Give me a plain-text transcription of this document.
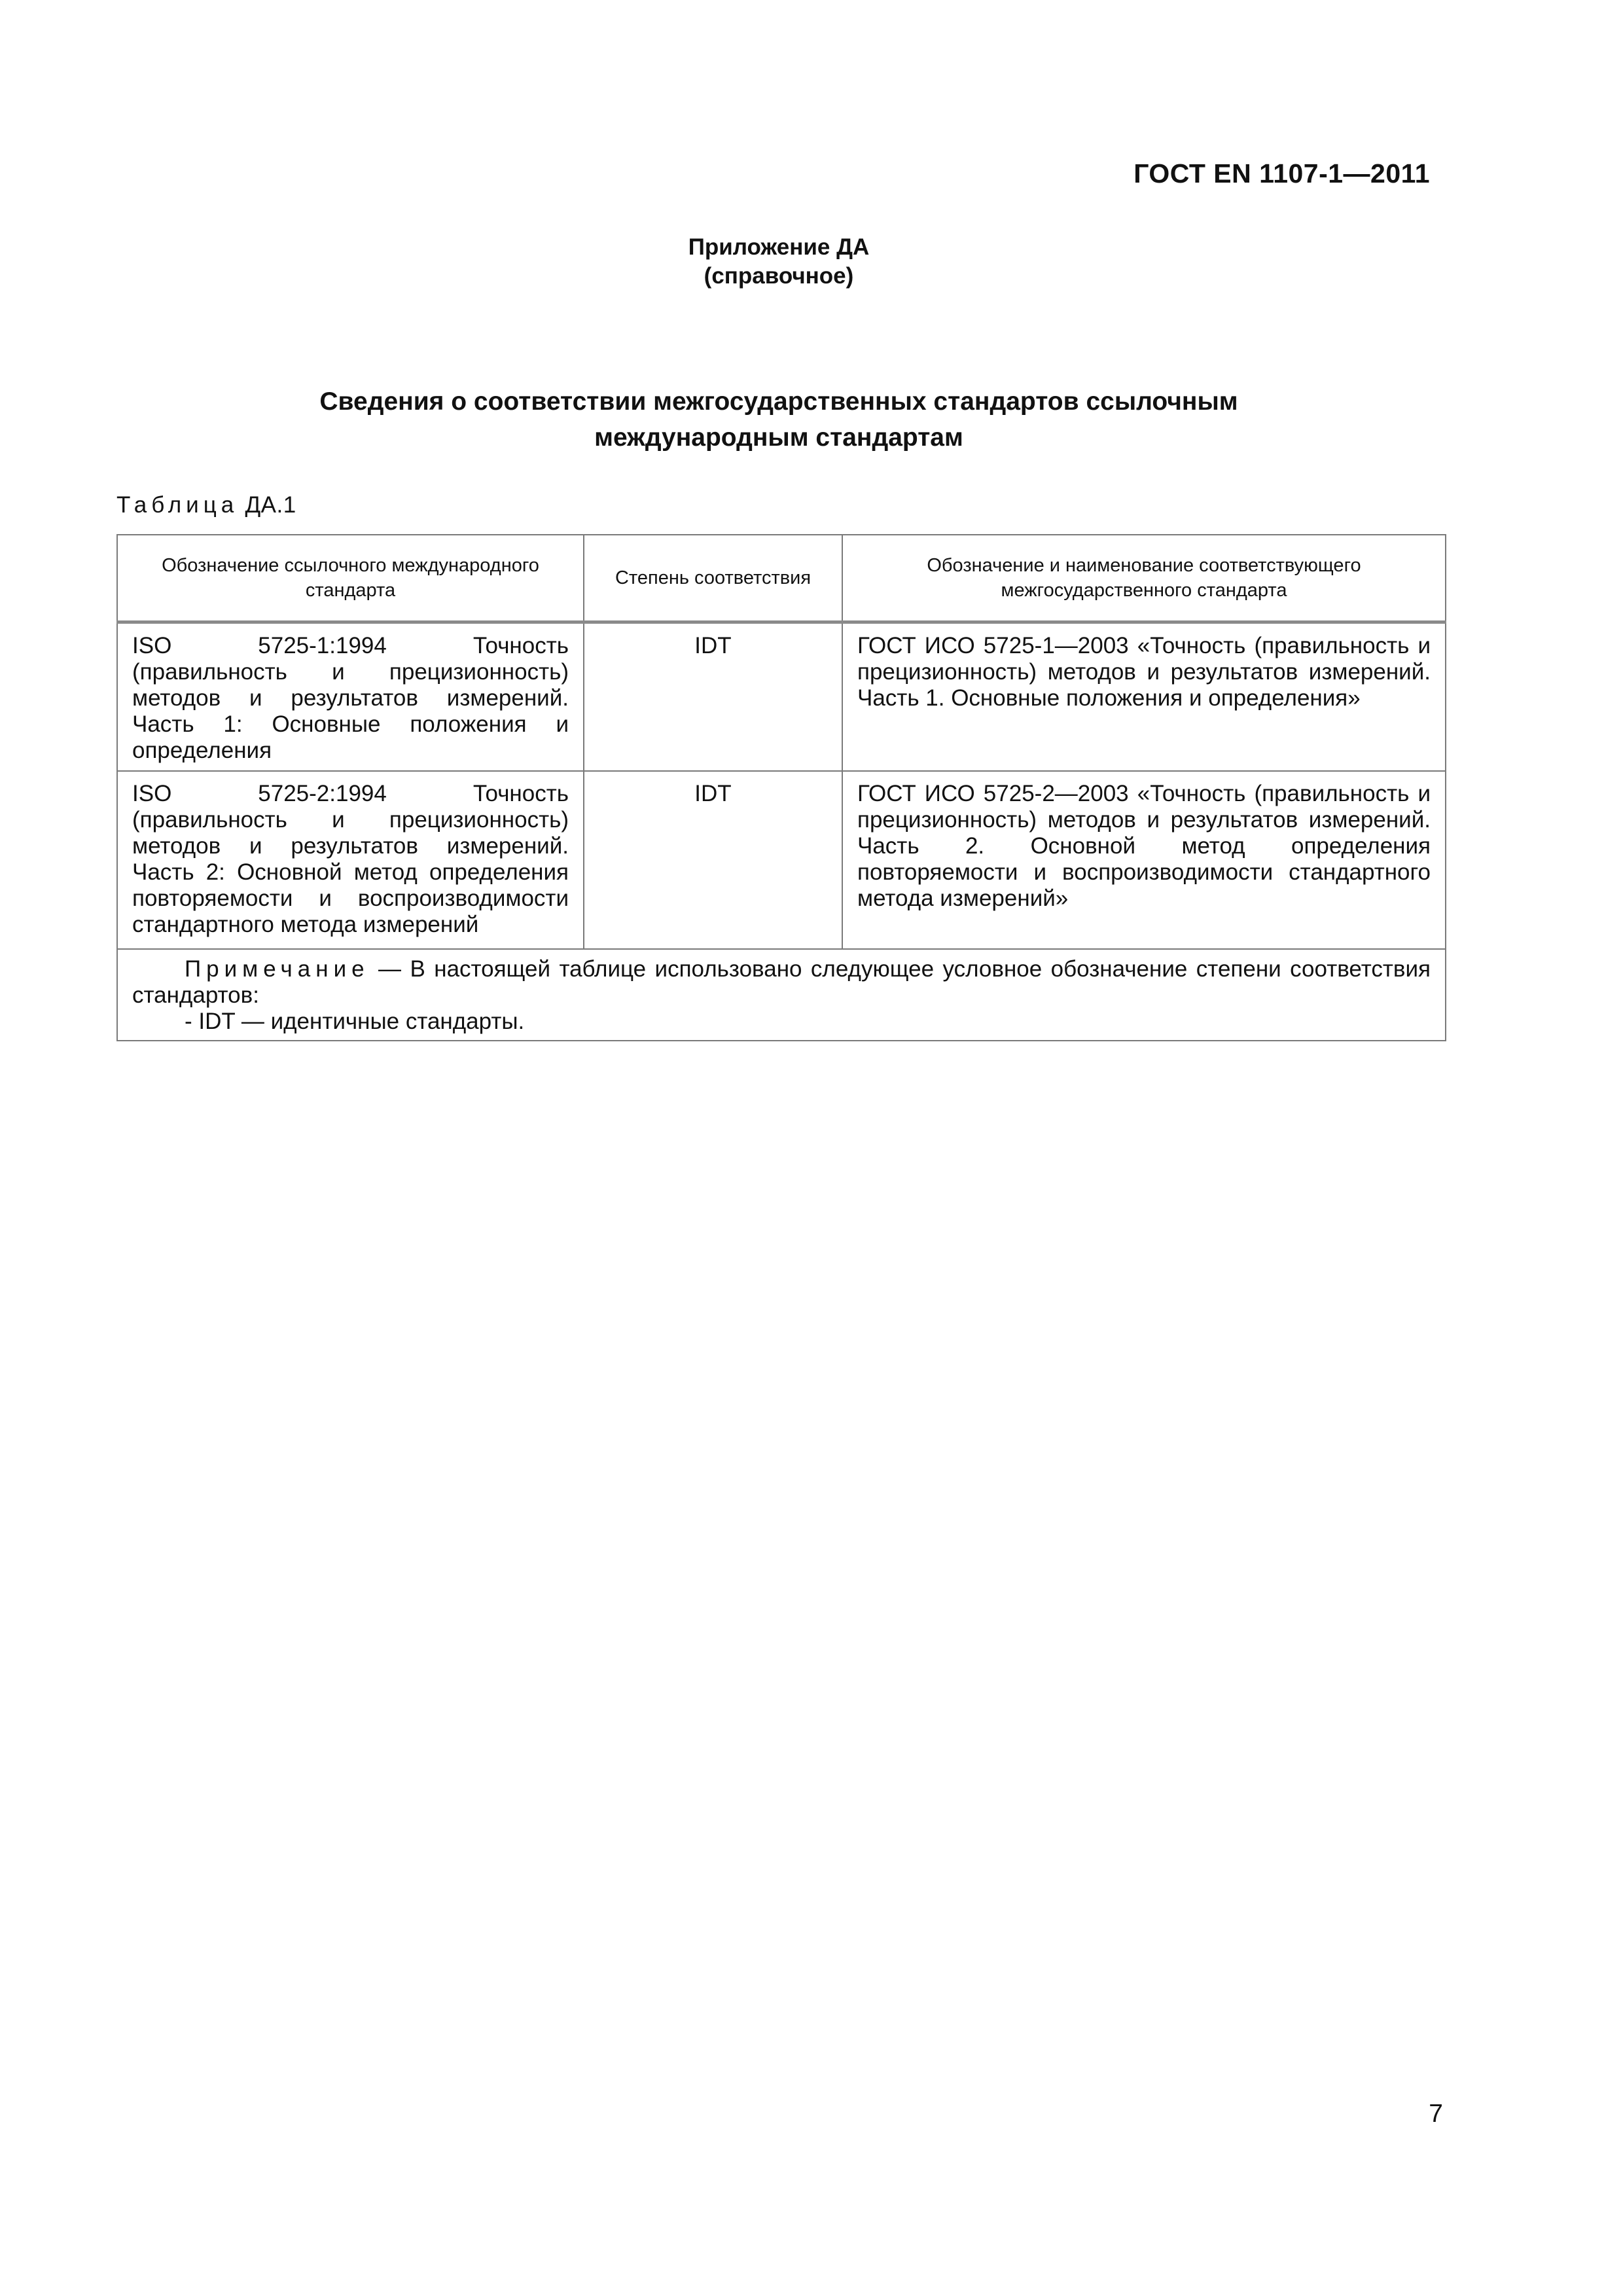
ГОСТ EN 1107-1—2011
Приложение ДА
(справочное)
Сведения о соответствии межгосударственных стандартов ссылочным
международным стандартам
Таблица ДА.1
Обозначение ссылочного международного стандарта	Степень соответствия	Обозначение и наименование соответствующего межгосударственного стандарта
ISO 5725-1:1994 Точность (правильность и прецизионность) методов и результатов измерений. Часть 1: Основные положения и определения	IDT	ГОСТ ИСО 5725-1—2003 «Точность (правильность и прецизионность) методов и результатов измерений. Часть 1. Основные положения и определения»
ISO 5725-2:1994 Точность (правильность и прецизионность) методов и результатов измерений. Часть 2: Основной метод определения повторяемости и воспроизводимости стандартного метода измерений	IDT	ГОСТ ИСО 5725-2—2003 «Точность (правильность и прецизионность) методов и результатов измерений. Часть 2. Основной метод определения повторяемости и воспроизводимости стандартного метода измерений»

Примечание — В настоящей таблице использовано следующее условное обозначение степени соответствия стандартов:
- IDT — идентичные стандарты.		
7
